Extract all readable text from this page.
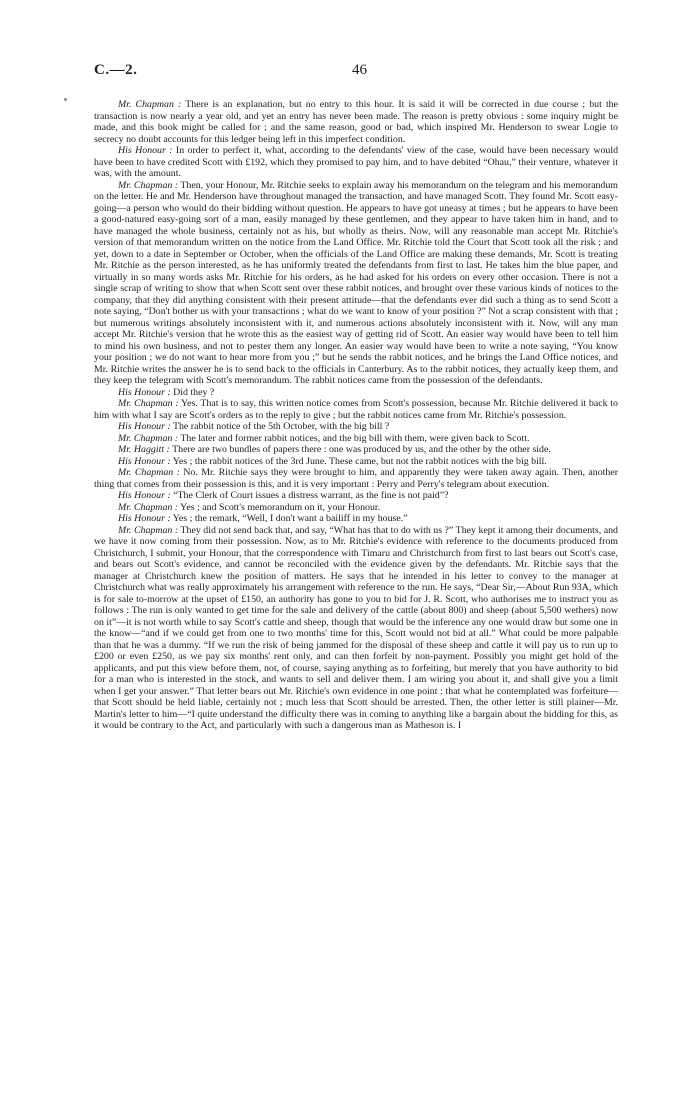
C.—2.	46

Mr. Chapman : There is an explanation, but no entry to this hour. It is said it will be corrected in due course ; but the transaction is now nearly a year old, and yet an entry has never been made. The reason is pretty obvious : some inquiry might be made, and this book might be called for ; and the same reason, good or bad, which inspired Mr. Henderson to swear Logie to secrecy no doubt accounts for this ledger being left in this imperfect condition.

His Honour : In order to perfect it, what, according to the defendants' view of the case, would have been necessary would have been to have credited Scott with £192, which they promised to pay him, and to have debited “Ohau,” their venture, whatever it was, with the amount.

Mr. Chapman : Then, your Honour, Mr. Ritchie seeks to explain away his memorandum on the telegram and his memorandum on the letter. He and Mr. Henderson have throughout managed the transaction, and have managed Scott. They found Mr. Scott easy-going—a person who would do their bidding without question. He appears to have got uneasy at times ; but he appears to have been a good-natured easy-going sort of a man, easily managed by these gentlemen, and they appear to have taken him in hand, and to have managed the whole business, certainly not as his, but wholly as theirs. Now, will any reasonable man accept Mr. Ritchie's version of that memorandum written on the notice from the Land Office. Mr. Ritchie told the Court that Scott took all the risk ; and yet, down to a date in September or October, when the officials of the Land Office are making these demands, Mr. Scott is treating Mr. Ritchie as the person interested, as he has uniformly treated the defendants from first to last. He takes him the blue paper, and virtually in so many words asks Mr. Ritchie for his orders, as he had asked for his orders on every other occasion. There is not a single scrap of writing to show that when Scott sent over these rabbit notices, and brought over these various kinds of notices to the company, that they did anything consistent with their present attitude—that the defendants ever did such a thing as to send Scott a note saying, “Don't bother us with your transactions ; what do we want to know of your position ?” Not a scrap consistent with that ; but numerous writings absolutely inconsistent with it, and numerous actions absolutely inconsistent with it. Now, will any man accept Mr. Ritchie's version that he wrote this as the easiest way of getting rid of Scott. An easier way would have been to tell him to mind his own business, and not to pester them any longer. An easier way would have been to write a note saying, “You know your position ; we do not want to hear more from you ;” but he sends the rabbit notices, and he brings the Land Office notices, and Mr. Ritchie writes the answer he is to send back to the officials in Canterbury. As to the rabbit notices, they actually keep them, and they keep the telegram with Scott's memorandum. The rabbit notices came from the possession of the defendants.

His Honour : Did they ?

Mr. Chapman : Yes. That is to say, this written notice comes from Scott's possession, because Mr. Ritchie delivered it back to him with what I say are Scott's orders as to the reply to give ; but the rabbit notices came from Mr. Ritchie's possession.

His Honour : The rabbit notice of the 5th October, with the big bill ?

Mr. Chapman : The later and former rabbit notices, and the big bill with them, were given back to Scott.

Mr. Haggitt : There are two bundles of papers there : one was produced by us, and the other by the other side.

His Honour : Yes ; the rabbit notices of the 3rd June. These came, but not the rabbit notices with the big bill.

Mr. Chapman : No. Mr. Ritchie says they were brought to him, and apparently they were taken away again. Then, another thing that comes from their possession is this, and it is very important : Perry and Perry's telegram about execution.

His Honour : “The Clerk of Court issues a distress warrant, as the fine is not paid”?

Mr. Chapman : Yes ; and Scott's memorandum on it, your Honour.

His Honour : Yes ; the remark, “Well, I don't want a bailiff in my house.”

Mr. Chapman : They did not send back that, and say, “What has that to do with us ?” They kept it among their documents, and we have it now coming from their possession. Now, as to Mr. Ritchie's evidence with reference to the documents produced from Christchurch, I submit, your Honour, that the correspondence with Timaru and Christchurch from first to last bears out Scott's case, and bears out Scott's evidence, and cannot be reconciled with the evidence given by the defendants. Mr. Ritchie says that the manager at Christchurch knew the position of matters. He says that he intended in his letter to convey to the manager at Christchurch what was really approximately his arrangement with reference to the run. He says, “Dear Sir,—About Run 93A, which is for sale to-morrow at the upset of £150, an authority has gone to you to bid for J. R. Scott, who authorises me to instruct you as follows : The run is only wanted to get time for the sale and delivery of the cattle (about 800) and sheep (about 5,500 wethers) now on it”—it is not worth while to say Scott's cattle and sheep, though that would be the inference any one would draw but some one in the know—“and if we could get from one to two months' time for this, Scott would not bid at all.” What could be more palpable than that he was a dummy. “If we run the risk of being jammed for the disposal of these sheep and cattle it will pay us to run up to £200 or even £250, as we pay six months' rent only, and can then forfeit by non-payment. Possibly you might get hold of the applicants, and put this view before them, not, of course, saying anything as to forfeiting, but merely that you have authority to bid for a man who is interested in the stock, and wants to sell and deliver them. I am wiring you about it, and shall give you a limit when I get your answer.” That letter bears out Mr. Ritchie's own evidence in one point : that what he contemplated was forfeiture—that Scott should be held liable, certainly not ; much less that Scott should be arrested. Then, the other letter is still plainer—Mr. Martin's letter to him—“I quite understand the difficulty there was in coming to anything like a bargain about the bidding for this, as it would be contrary to the Act, and particularly with such a dangerous man as Matheson is. I
